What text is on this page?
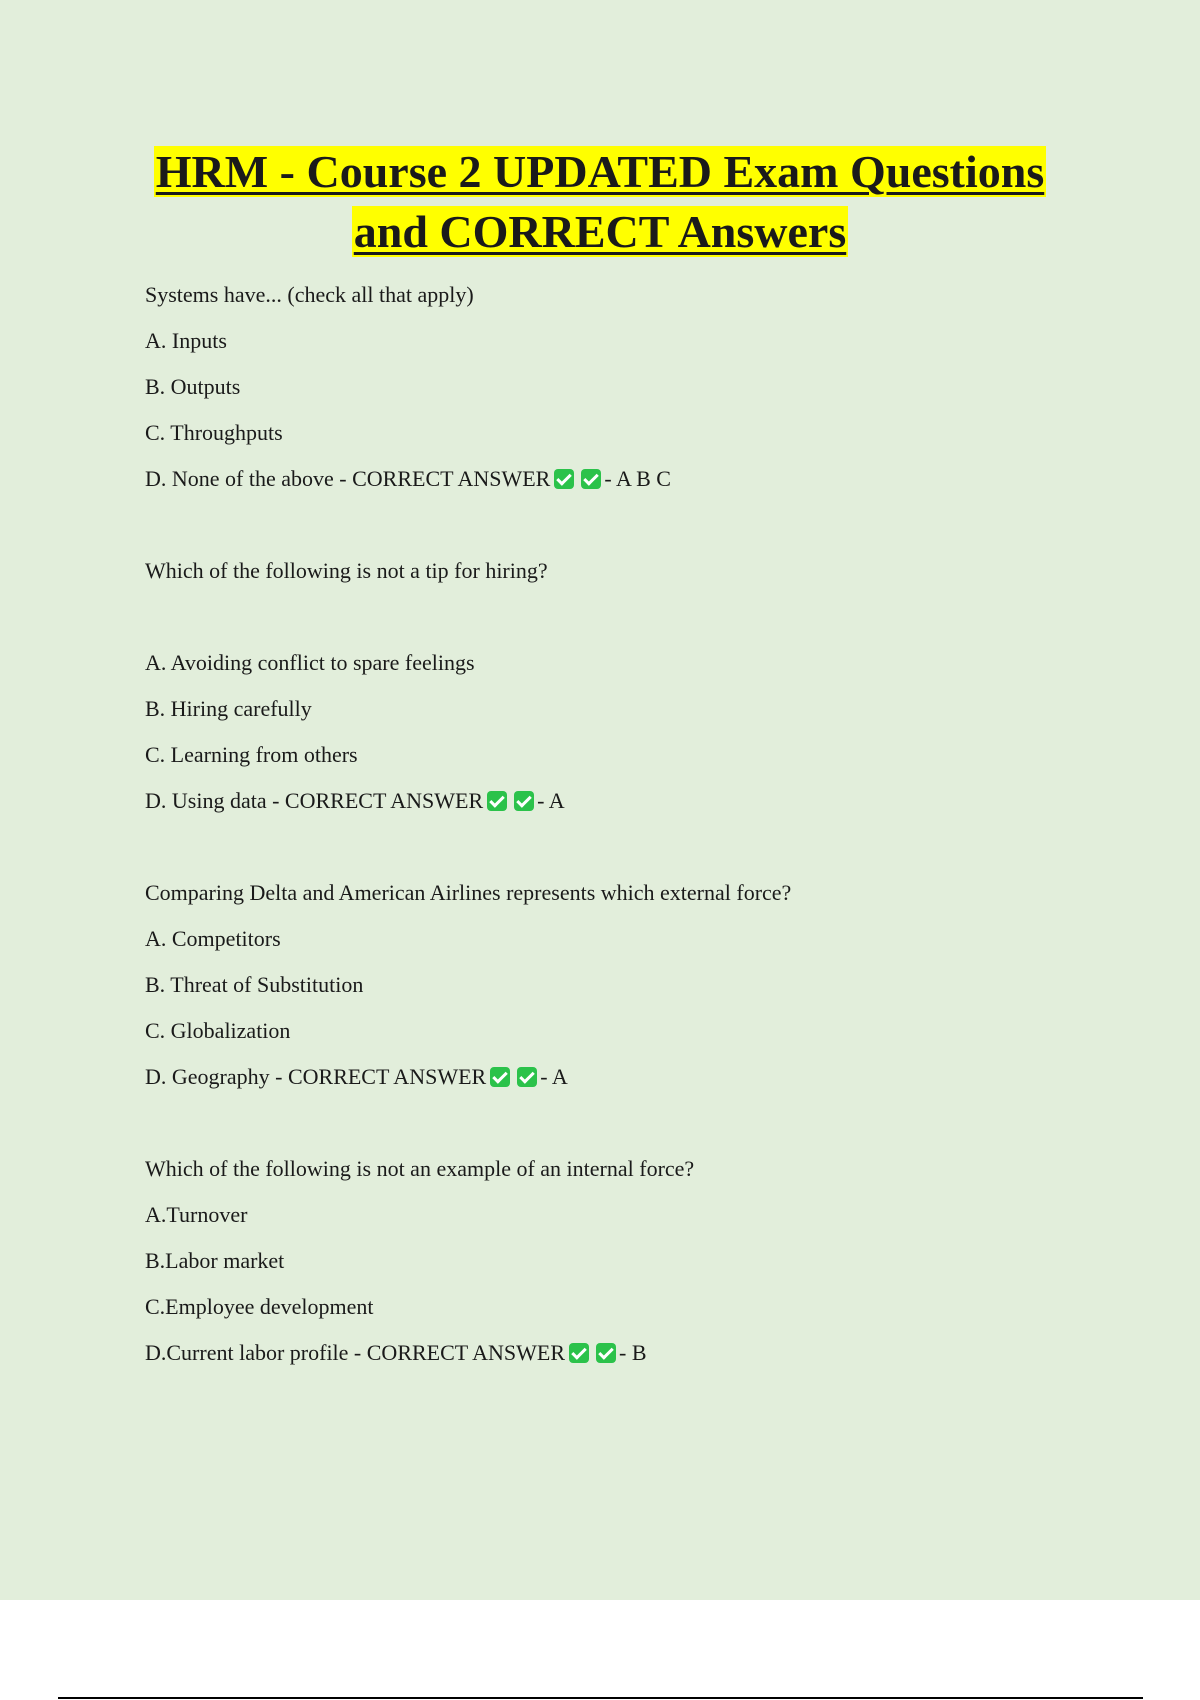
HRM - Course 2 UPDATED Exam Questions
and CORRECT Answers
Systems have... (check all that apply)
A. Inputs
B. Outputs
C. Throughputs
D. None of the above - CORRECT ANSWER - A B C
Which of the following is not a tip for hiring?
A. Avoiding conflict to spare feelings
B. Hiring carefully
C. Learning from others
D. Using data - CORRECT ANSWER - A
Comparing Delta and American Airlines represents which external force?
A. Competitors
B. Threat of Substitution
C. Globalization
D. Geography - CORRECT ANSWER - A
Which of the following is not an example of an internal force?
A.Turnover
B.Labor market
C.Employee development
D.Current labor profile - CORRECT ANSWER - B
